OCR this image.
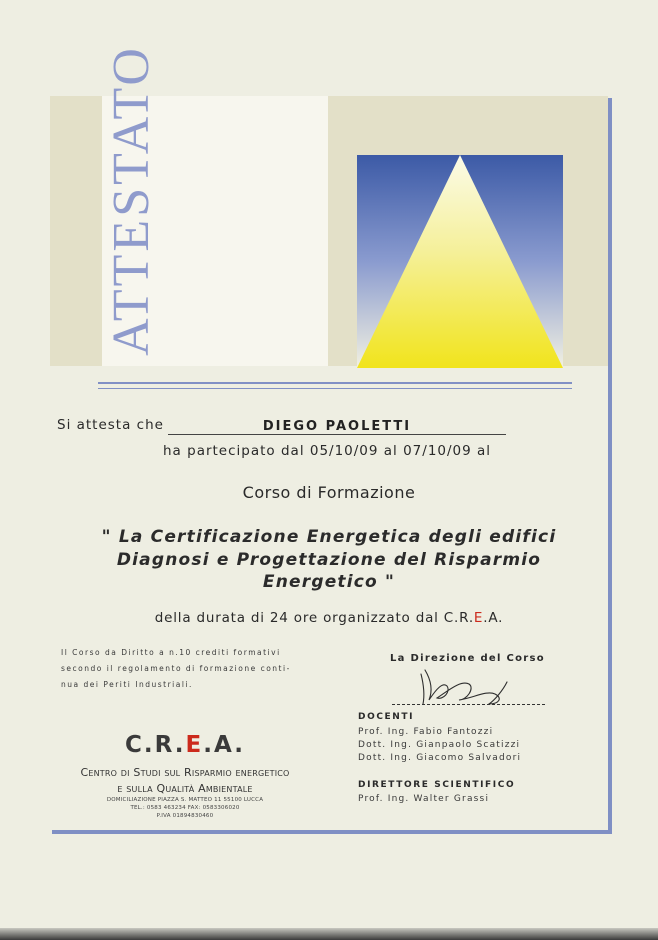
ATTESTATO
Si attesta che	DIEGO PAOLETTI
ha partecipato dal 05/10/09 al 07/10/09 al
Corso di Formazione
" La Certificazione Energetica degli edifici
Diagnosi e Progettazione del Risparmio
Energetico "
della durata di 24 ore organizzato dal C.R.E.A.
Il Corso da Diritto a n.10 crediti formativi
secondo il regolamento di formazione conti-
nua dei Periti Industriali.
La Direzione del Corso
DOCENTI
Prof. Ing. Fabio Fantozzi
Dott. Ing. Gianpaolo Scatizzi
Dott. Ing. Giacomo Salvadori
DIRETTORE SCIENTIFICO
Prof. Ing. Walter Grassi
C.R.E.A.
Centro di Studi sul Risparmio energetico
e sulla Qualità Ambientale
DOMICILIAZIONE PIAZZA S. MATTEO 11 55100 LUCCA
TEL.: 0583 463234 FAX: 0583306020
P.IVA 01894830460
